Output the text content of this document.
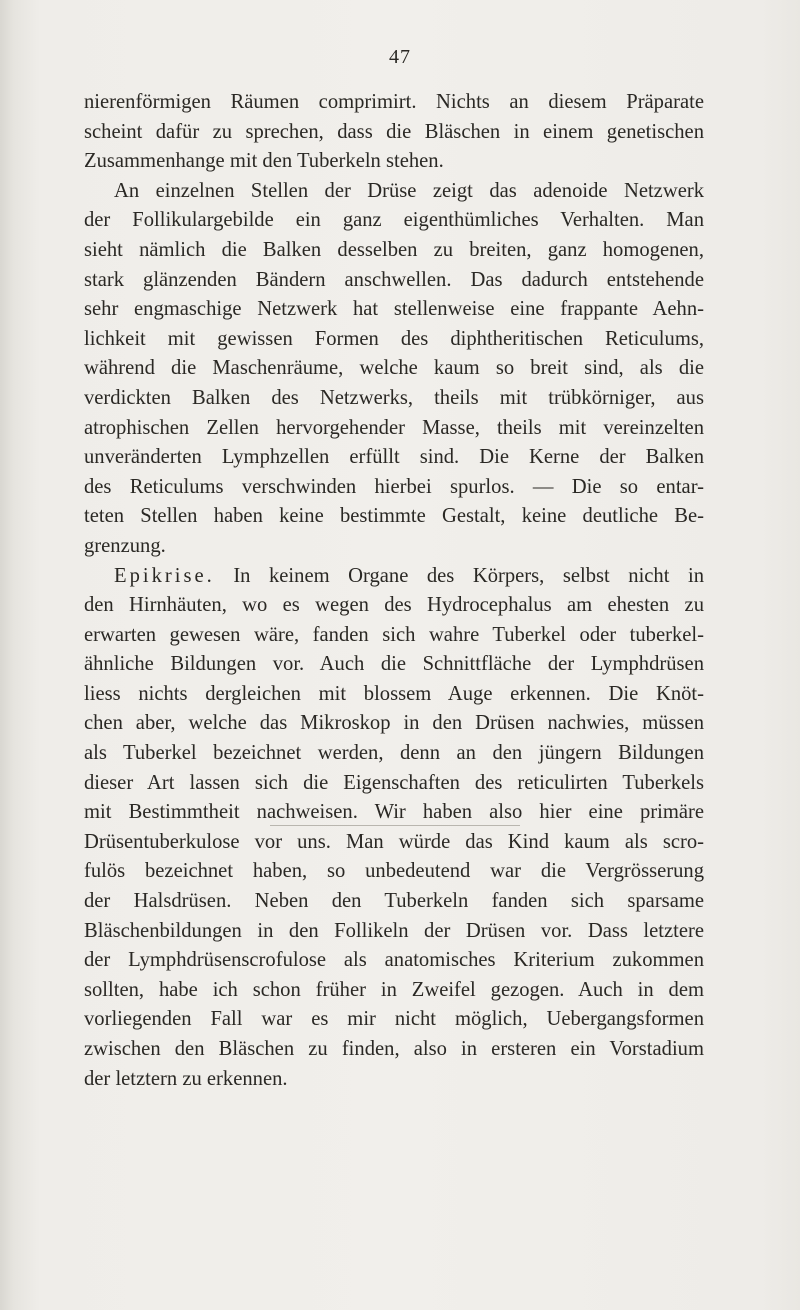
47
nierenförmigen Räumen comprimirt. Nichts an diesem Präparate
scheint dafür zu sprechen, dass die Bläschen in einem genetischen
Zusammenhange mit den Tuberkeln stehen.
An einzelnen Stellen der Drüse zeigt das adenoide Netzwerk
der Follikulargebilde ein ganz eigenthümliches Verhalten. Man
sieht nämlich die Balken desselben zu breiten, ganz homogenen,
stark glänzenden Bändern anschwellen. Das dadurch entstehende
sehr engmaschige Netzwerk hat stellenweise eine frappante Aehn-
lichkeit mit gewissen Formen des diphtheritischen Reticulums,
während die Maschenräume, welche kaum so breit sind, als die
verdickten Balken des Netzwerks, theils mit trübkörniger, aus
atrophischen Zellen hervorgehender Masse, theils mit vereinzelten
unveränderten Lymphzellen erfüllt sind. Die Kerne der Balken
des Reticulums verschwinden hierbei spurlos. — Die so entar-
teten Stellen haben keine bestimmte Gestalt, keine deutliche Be-
grenzung.
Epikrise. In keinem Organe des Körpers, selbst nicht in
den Hirnhäuten, wo es wegen des Hydrocephalus am ehesten zu
erwarten gewesen wäre, fanden sich wahre Tuberkel oder tuberkel-
ähnliche Bildungen vor. Auch die Schnittfläche der Lymphdrüsen
liess nichts dergleichen mit blossem Auge erkennen. Die Knöt-
chen aber, welche das Mikroskop in den Drüsen nachwies, müssen
als Tuberkel bezeichnet werden, denn an den jüngern Bildungen
dieser Art lassen sich die Eigenschaften des reticulirten Tuberkels
mit Bestimmtheit nachweisen. Wir haben also hier eine primäre
Drüsentuberkulose vor uns. Man würde das Kind kaum als scro-
fulös bezeichnet haben, so unbedeutend war die Vergrösserung
der Halsdrüsen. Neben den Tuberkeln fanden sich sparsame
Bläschenbildungen in den Follikeln der Drüsen vor. Dass letztere
der Lymphdrüsenscrofulose als anatomisches Kriterium zukommen
sollten, habe ich schon früher in Zweifel gezogen. Auch in dem
vorliegenden Fall war es mir nicht möglich, Uebergangsformen
zwischen den Bläschen zu finden, also in ersteren ein Vorstadium
der letztern zu erkennen.
